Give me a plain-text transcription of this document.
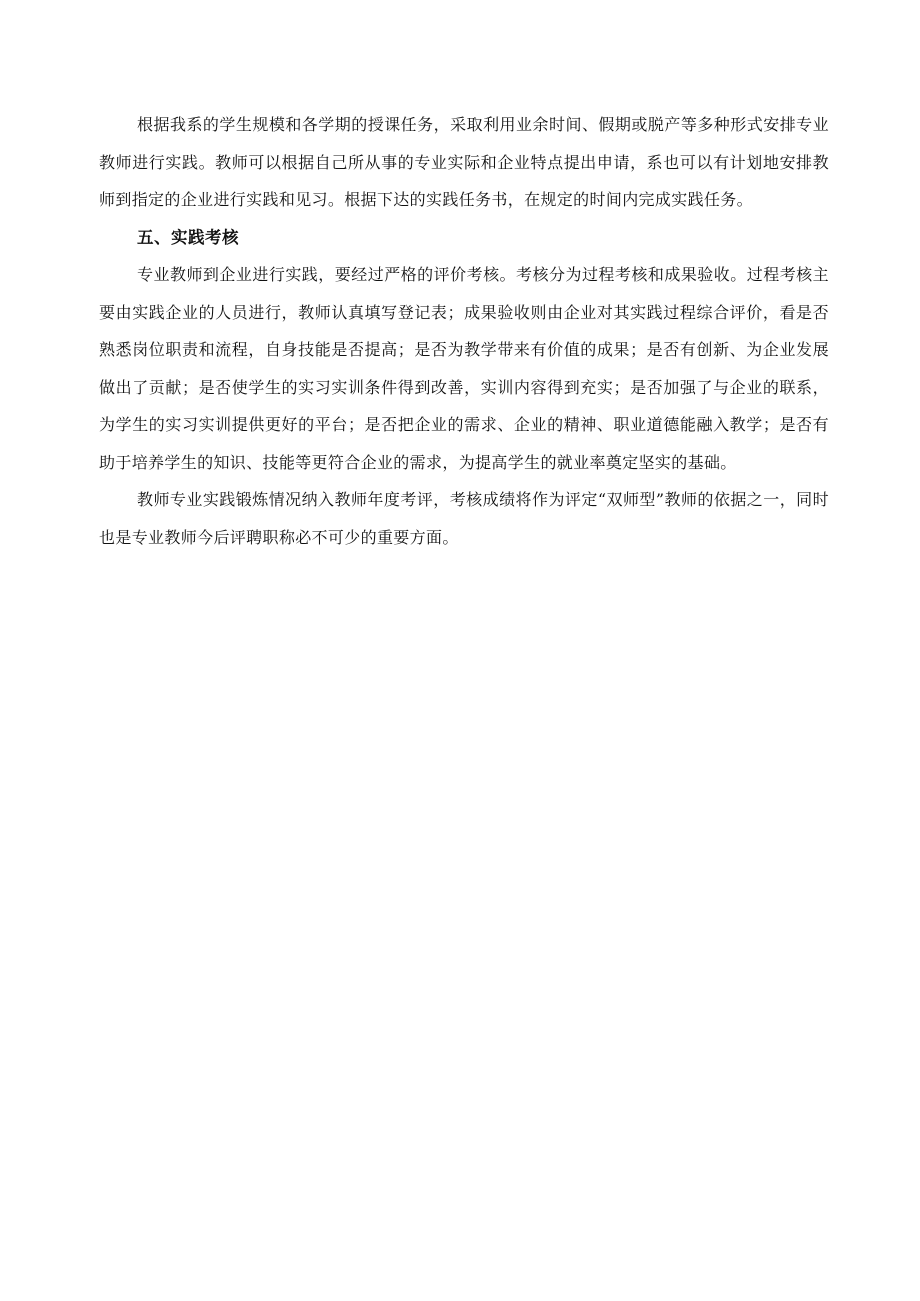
根据我系的学生规模和各学期的授课任务，采取利用业余时间、假期或脱产等多种形式安排专业教师进行实践。教师可以根据自己所从事的专业实际和企业特点提出申请，系也可以有计划地安排教师到指定的企业进行实践和见习。根据下达的实践任务书，在规定的时间内完成实践任务。

五、实践考核

专业教师到企业进行实践，要经过严格的评价考核。考核分为过程考核和成果验收。过程考核主要由实践企业的人员进行，教师认真填写登记表；成果验收则由企业对其实践过程综合评价，看是否熟悉岗位职责和流程，自身技能是否提高；是否为教学带来有价值的成果；是否有创新、为企业发展做出了贡献；是否使学生的实习实训条件得到改善，实训内容得到充实；是否加强了与企业的联系，为学生的实习实训提供更好的平台；是否把企业的需求、企业的精神、职业道德能融入教学；是否有助于培养学生的知识、技能等更符合企业的需求，为提高学生的就业率奠定坚实的基础。

教师专业实践锻炼情况纳入教师年度考评，考核成绩将作为评定“双师型”教师的依据之一，同时也是专业教师今后评聘职称必不可少的重要方面。
